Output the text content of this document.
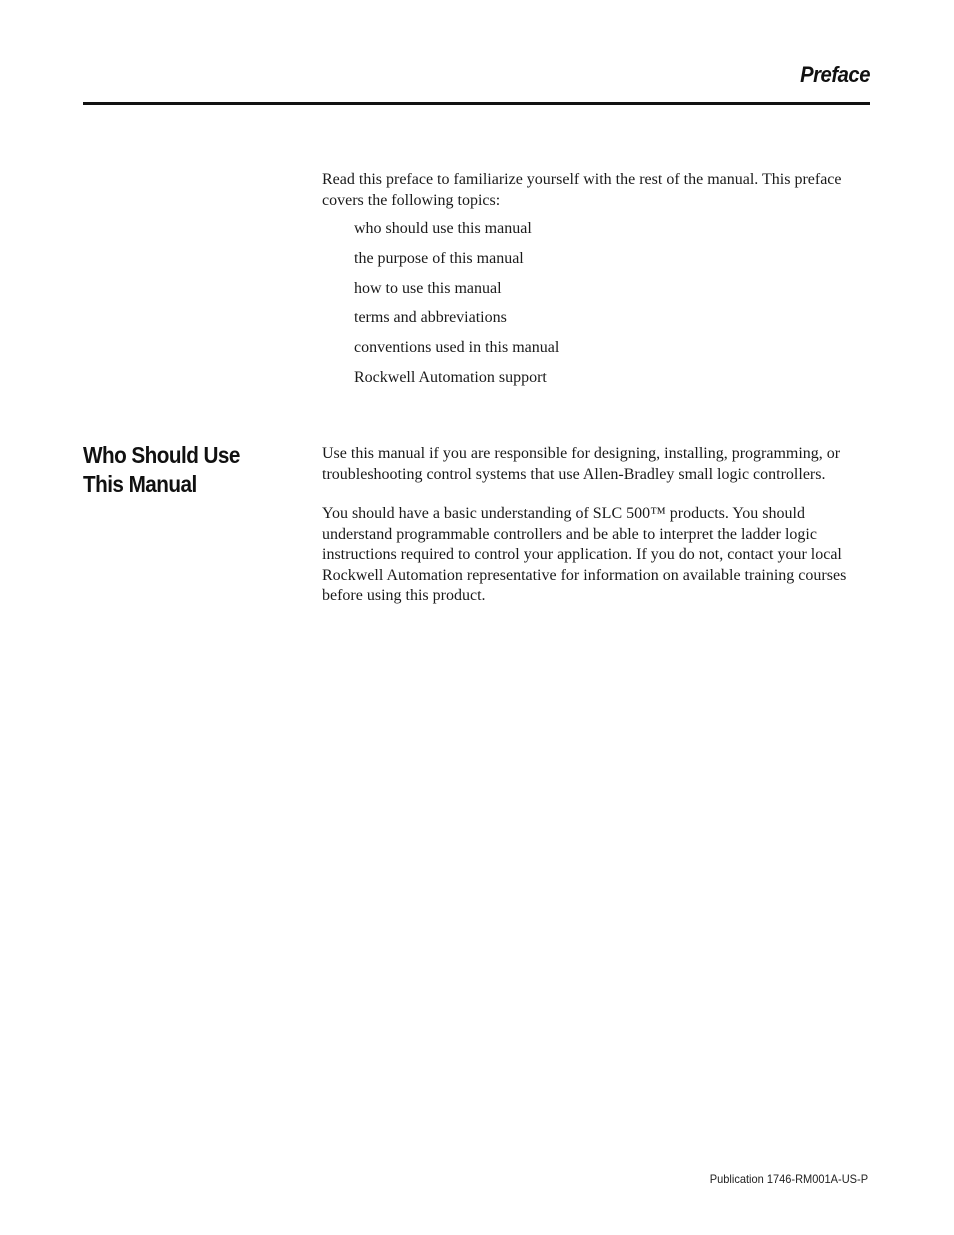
Preface

Read this preface to familiarize yourself with the rest of the manual. This preface covers the following topics:

who should use this manual
the purpose of this manual
how to use this manual
terms and abbreviations
conventions used in this manual
Rockwell Automation support
Who Should Use This Manual

Use this manual if you are responsible for designing, installing, programming, or troubleshooting control systems that use Allen-Bradley small logic controllers.

You should have a basic understanding of SLC 500™ products. You should understand programmable controllers and be able to interpret the ladder logic instructions required to control your application. If you do not, contact your local Rockwell Automation representative for information on available training courses before using this product.

Publication 1746-RM001A-US-P
